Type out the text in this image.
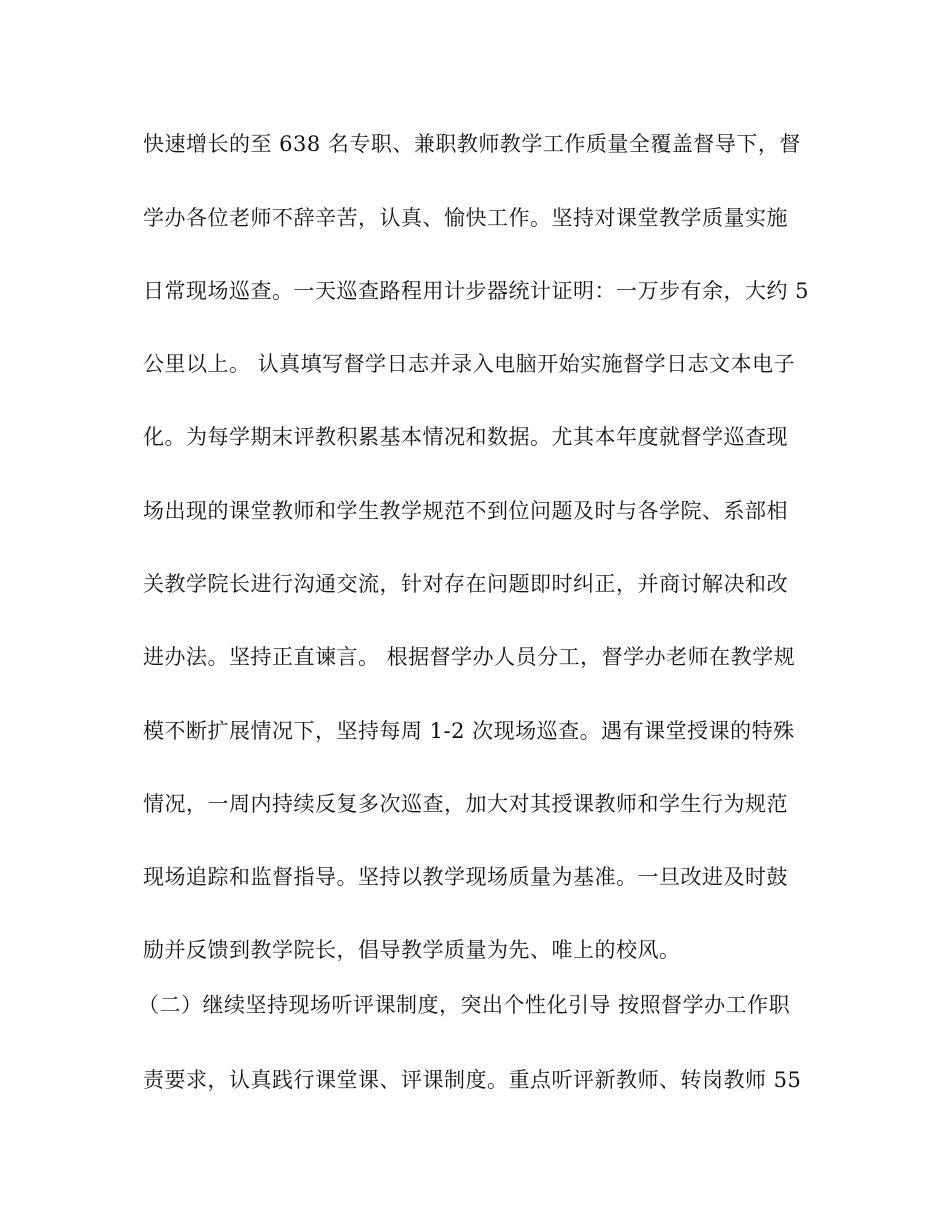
快速增长的至 638 名专职、兼职教师教学工作质量全覆盖督导下，督
学办各位老师不辞辛苦，认真、愉快工作。坚持对课堂教学质量实施
日常现场巡查。一天巡查路程用计步器统计证明：一万步有余，大约 5
公里以上。 认真填写督学日志并录入电脑开始实施督学日志文本电子
化。为每学期末评教积累基本情况和数据。尤其本年度就督学巡查现
场出现的课堂教师和学生教学规范不到位问题及时与各学院、系部相
关教学院长进行沟通交流，针对存在问题即时纠正，并商讨解决和改
进办法。坚持正直谏言。 根据督学办人员分工，督学办老师在教学规
模不断扩展情况下，坚持每周 1-2 次现场巡查。遇有课堂授课的特殊
情况，一周内持续反复多次巡查，加大对其授课教师和学生行为规范
现场追踪和监督指导。坚持以教学现场质量为基准。一旦改进及时鼓
励并反馈到教学院长，倡导教学质量为先、唯上的校风。
（二）继续坚持现场听评课制度，突出个性化引导 按照督学办工作职
责要求，认真践行课堂课、评课制度。重点听评新教师、转岗教师 55
